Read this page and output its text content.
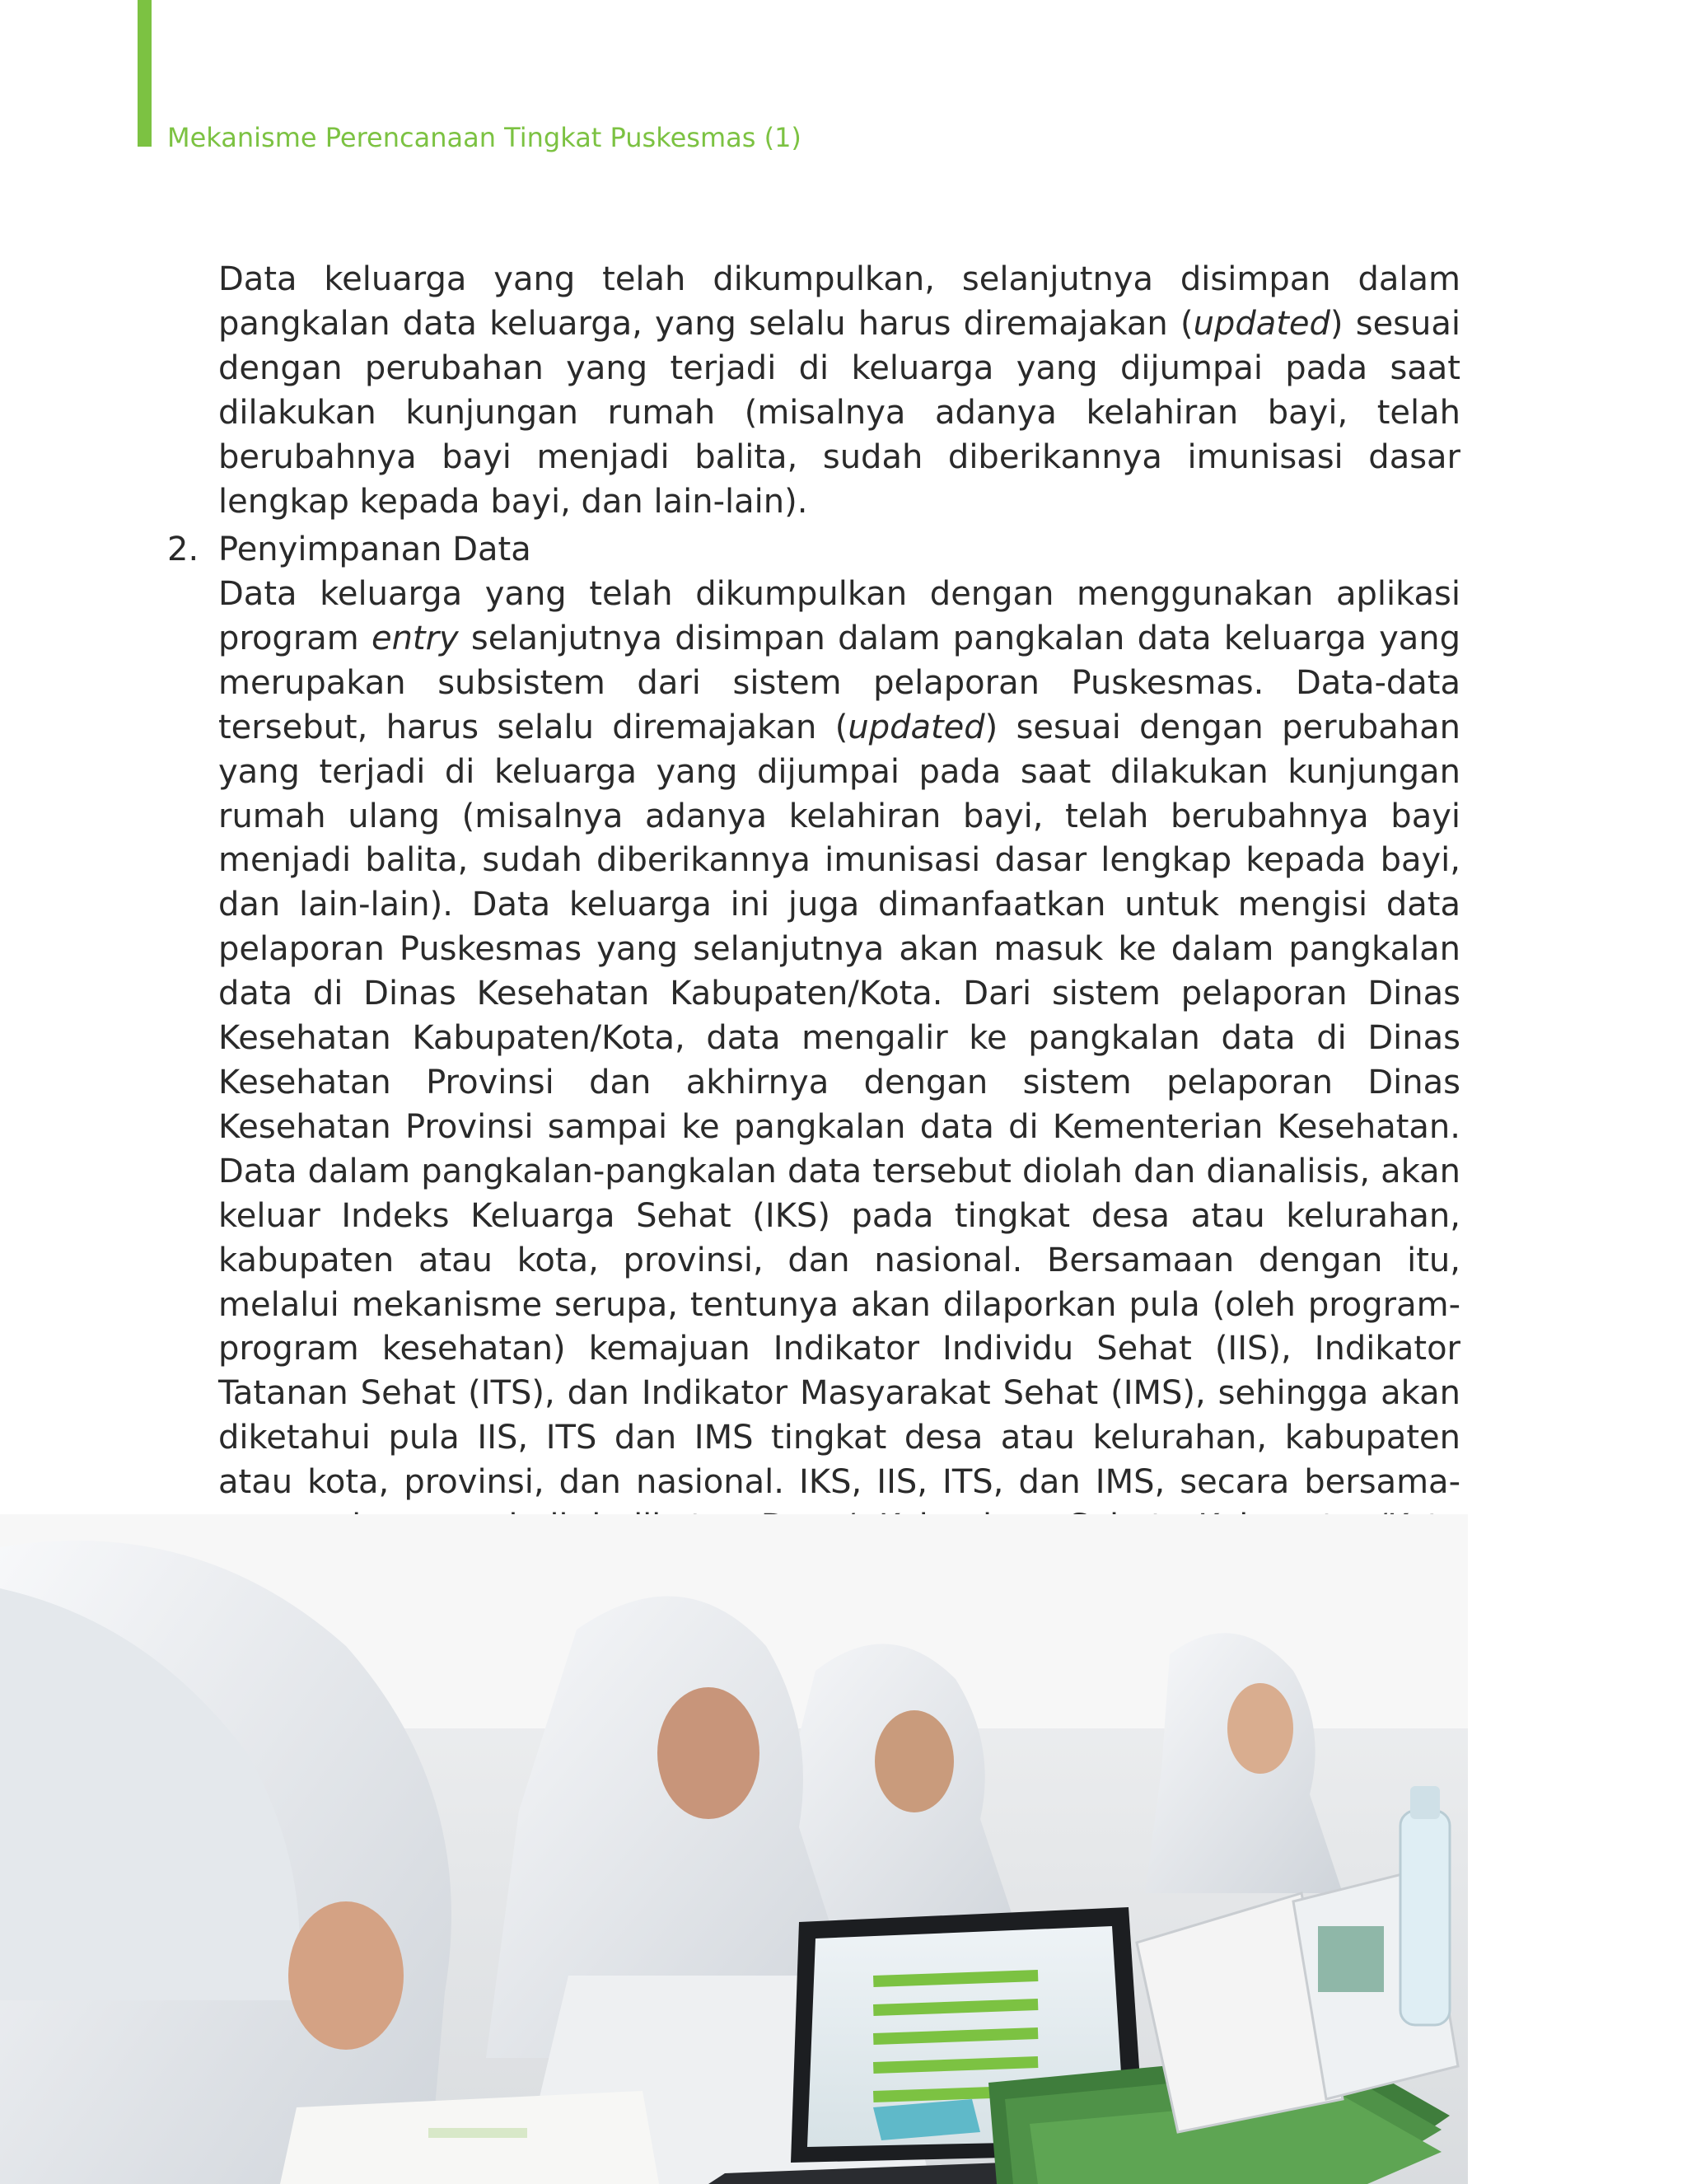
Mekanisme Perencanaan Tingkat Puskesmas (1)

Data keluarga yang telah dikumpulkan, selanjutnya disimpan dalam pangkalan data keluarga, yang selalu harus diremajakan (updated) sesuai dengan perubahan yang terjadi di keluarga yang dijumpai pada saat dilakukan kunjungan rumah (misalnya adanya kelahiran bayi, telah berubahnya bayi menjadi balita, sudah diberikannya imunisasi dasar lengkap kepada bayi, dan lain-lain).

2. Penyimpanan Data

Data keluarga yang telah dikumpulkan dengan menggunakan aplikasi program entry selanjutnya disimpan dalam pangkalan data keluarga yang merupakan subsistem dari sistem pelaporan Puskesmas. Data-data tersebut, harus selalu diremajakan (updated) sesuai dengan perubahan yang terjadi di keluarga yang dijumpai pada saat dilakukan kunjungan rumah ulang (misalnya adanya kelahiran bayi, telah berubahnya bayi menjadi balita, sudah diberikannya imunisasi dasar lengkap kepada bayi, dan lain-lain). Data keluarga ini juga dimanfaatkan untuk mengisi data pelaporan Puskesmas yang selanjutnya akan masuk ke dalam pangkalan data di Dinas Kesehatan Kabupaten/Kota. Dari sistem pelaporan Dinas Kesehatan Kabupaten/Kota, data mengalir ke pangkalan data di Dinas Kesehatan Provinsi dan akhirnya dengan sistem pelaporan Dinas Kesehatan Provinsi sampai ke pangkalan data di Kementerian Kesehatan. Data dalam pangkalan-pangkalan data tersebut diolah dan dianalisis, akan keluar Indeks Keluarga Sehat (IKS) pada tingkat desa atau kelurahan, kabupaten atau kota, provinsi, dan nasional. Bersamaan dengan itu, melalui mekanisme serupa, tentunya akan dilaporkan pula (oleh program-program kesehatan) kemajuan Indikator Individu Sehat (IIS), Indikator Tatanan Sehat (ITS), dan Indikator Masyarakat Sehat (IMS), sehingga akan diketahui pula IIS, ITS dan IMS tingkat desa atau kelurahan, kabupaten atau kota, provinsi, dan nasional. IKS, IIS, ITS, dan IMS, secara bersama-
